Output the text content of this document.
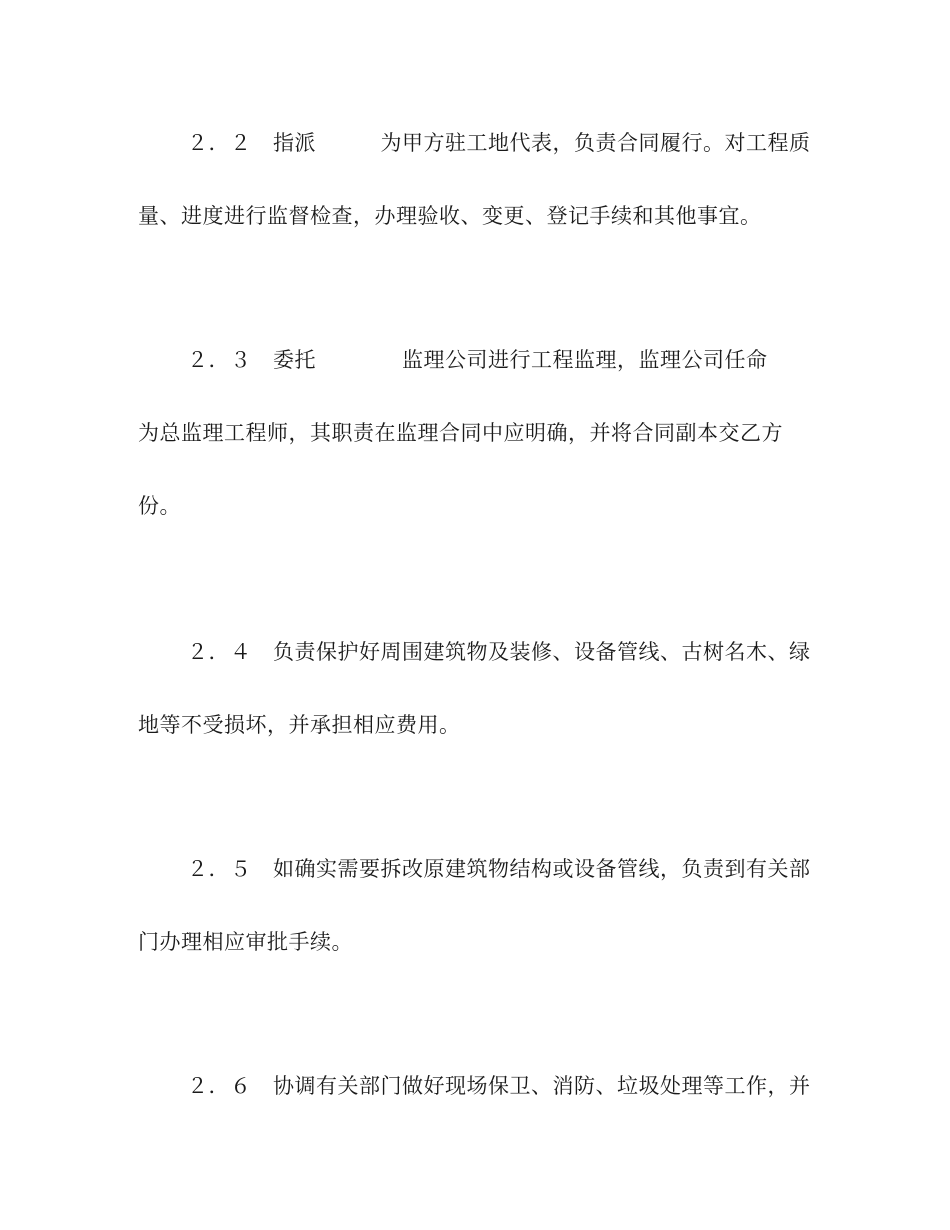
２．２　指派　　　为甲方驻工地代表，负责合同履行。对工程质
量、进度进行监督检查，办理验收、变更、登记手续和其他事宜。
２．３　委托　　　　监理公司进行工程监理，监理公司任命
为总监理工程师，其职责在监理合同中应明确，并将合同副本交乙方
份。
２．４　负责保护好周围建筑物及装修、设备管线、古树名木、绿
地等不受损坏，并承担相应费用。
２．５　如确实需要拆改原建筑物结构或设备管线，负责到有关部
门办理相应审批手续。
２．６　协调有关部门做好现场保卫、消防、垃圾处理等工作，并
